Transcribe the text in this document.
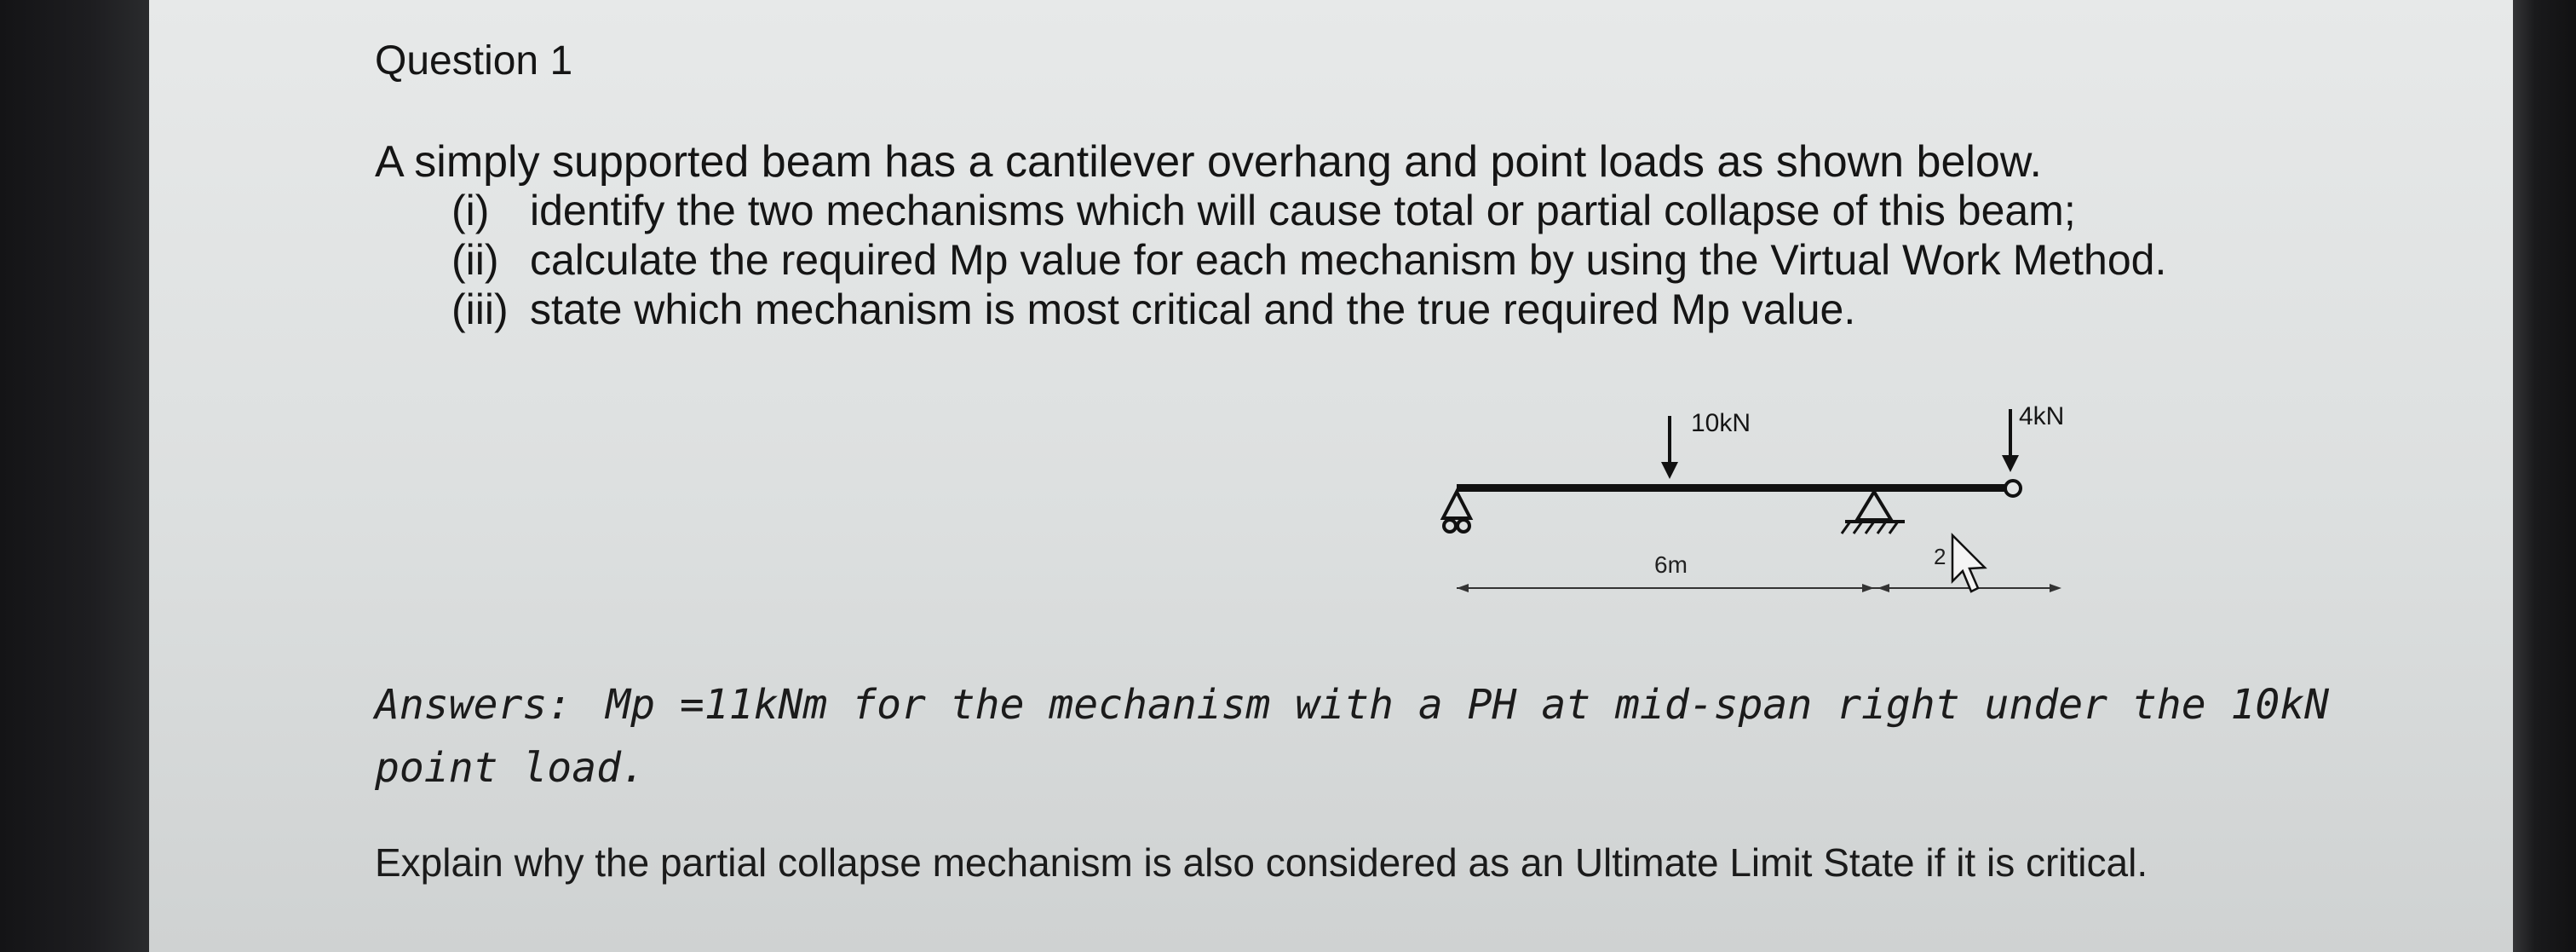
Question 1
A simply supported beam has a cantilever overhang and point loads as shown below.
(i) identify the two mechanisms which will cause total or partial collapse of this beam;
(ii) calculate the required Mp value for each mechanism by using the Virtual Work Method.
(iii) state which mechanism is most critical and the true required Mp value.
10kN	4kN
6m	2
Answers: Mp =11kNm for the mechanism with a PH at mid-span right under the 10kN point load.
Explain why the partial collapse mechanism is also considered as an Ultimate Limit State if it is critical.
